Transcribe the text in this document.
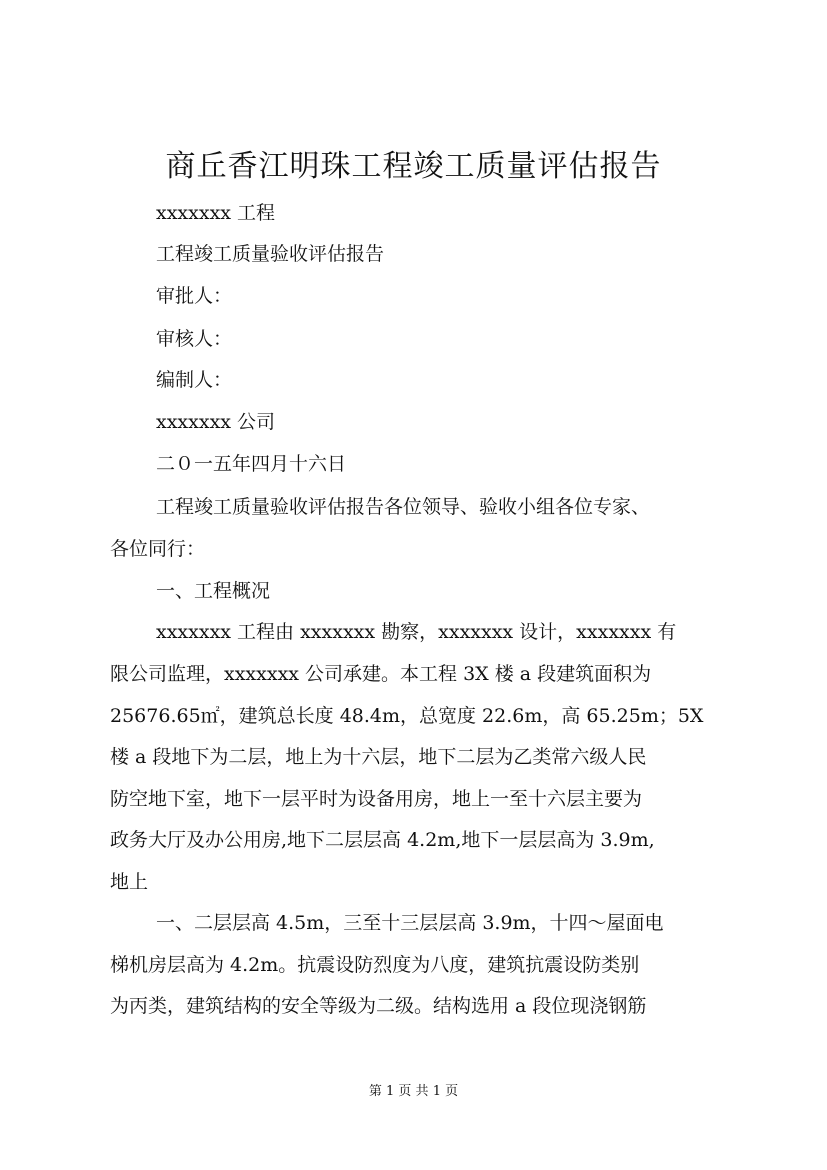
商丘香江明珠工程竣工质量评估报告

xxxxxxx 工程

工程竣工质量验收评估报告

审批人：

审核人：

编制人：

xxxxxxx 公司

二０一五年四月十六日

工程竣工质量验收评估报告各位领导、验收小组各位专家、

各位同行：

一、工程概况

xxxxxxx 工程由 xxxxxxx 勘察，xxxxxxx 设计，xxxxxxx 有

限公司监理，xxxxxxx 公司承建。本工程 3X 楼 a 段建筑面积为

25676.65㎡，建筑总长度 48.4m，总宽度 22.6m，高 65.25m；5X

楼 a 段地下为二层，地上为十六层，地下二层为乙类常六级人民

防空地下室，地下一层平时为设备用房，地上一至十六层主要为

政务大厅及办公用房,地下二层层高 4.2m,地下一层层高为 3.9m,

地上

一、二层层高 4.5m，三至十三层层高 3.9m，十四～屋面电

梯机房层高为 4.2m。抗震设防烈度为八度，建筑抗震设防类别

为丙类，建筑结构的安全等级为二级。结构选用 a 段位现浇钢筋

第 1 页 共 1 页
